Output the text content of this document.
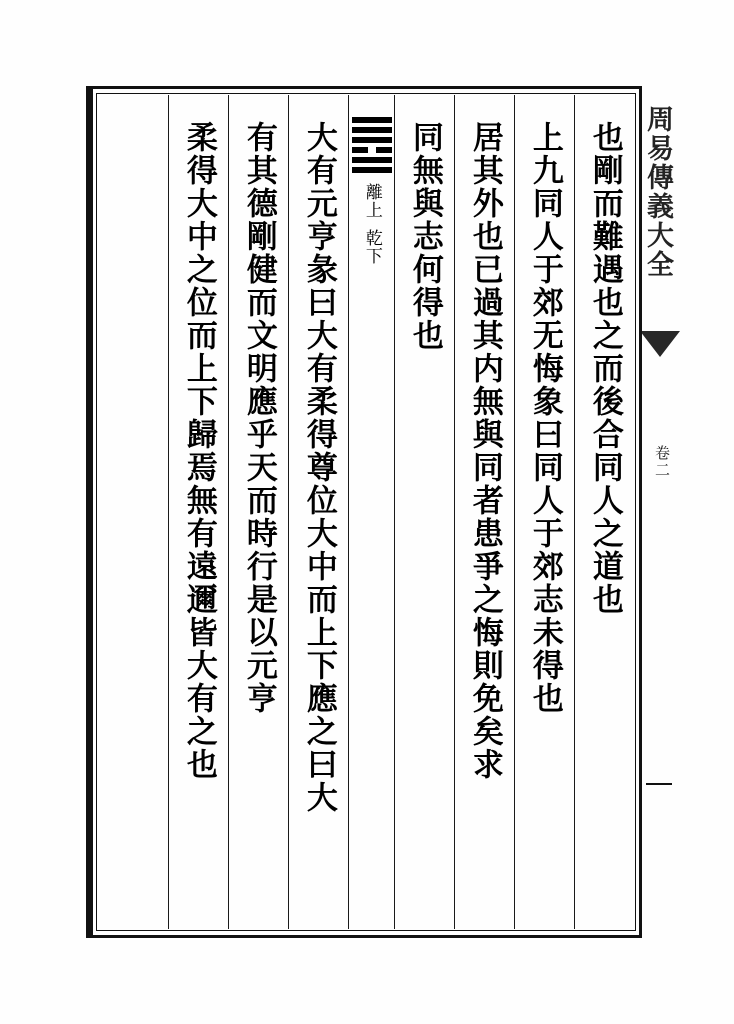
周易傳義大全
卷二
也剛而難遇也之而後合同人之道也
上九同人于郊无悔象曰同人于郊志未得也
居其外也已過其内無與同者患爭之悔則免矣求
同無與志何得也
離上
乾下
大有元亨彖曰大有柔得尊位大中而上下應之曰大
有其德剛健而文明應乎天而時行是以元亨
柔得大中之位而上下歸焉無有遠邇皆大有之也
